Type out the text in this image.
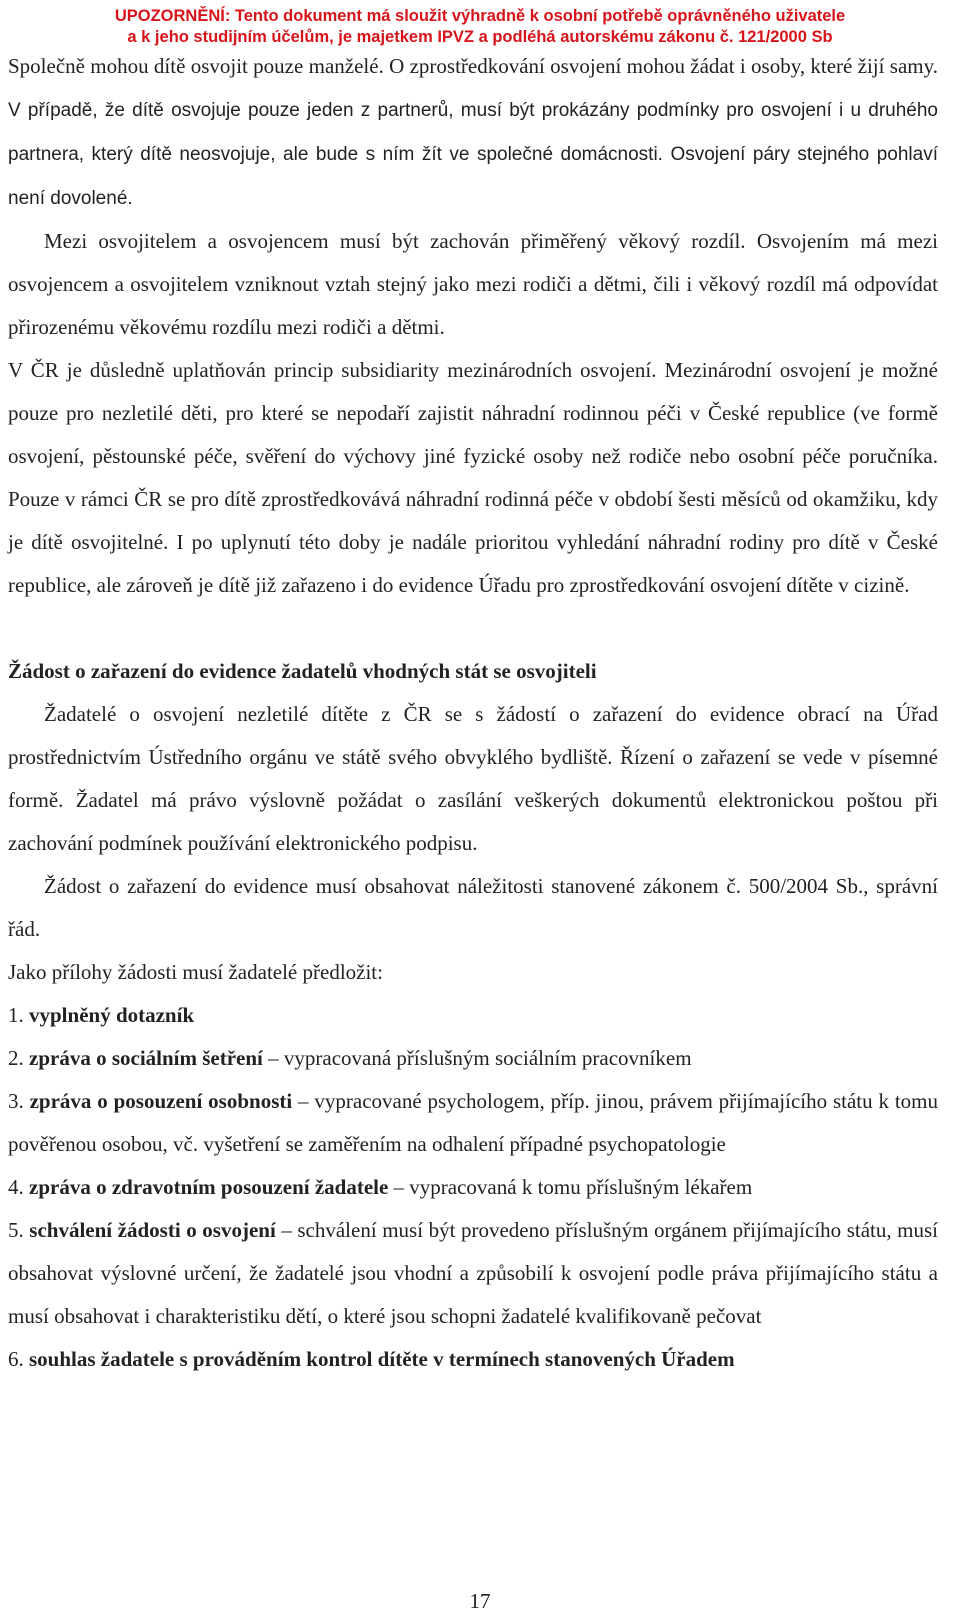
UPOZORNĚNÍ: Tento dokument má sloužit výhradně k osobní potřebě oprávněného uživatele
a k jeho studijním účelům, je majetkem IPVZ a podléhá autorskému zákonu č. 121/2000 Sb

Společně mohou dítě osvojit pouze manželé. O zprostředkování osvojení mohou žádat i osoby, které žijí samy. V případě, že dítě osvojuje pouze jeden z partnerů, musí být prokázány podmínky pro osvojení i u druhého partnera, který dítě neosvojuje, ale bude s ním žít ve společné domácnosti. Osvojení páry stejného pohlaví není dovolené.

Mezi osvojitelem a osvojencem musí být zachován přiměřený věkový rozdíl. Osvojením má mezi osvojencem a osvojitelem vzniknout vztah stejný jako mezi rodiči a dětmi, čili i věkový rozdíl má odpovídat přirozenému věkovému rozdílu mezi rodiči a dětmi.

V ČR je důsledně uplatňován princip subsidiarity mezinárodních osvojení. Mezinárodní osvojení je možné pouze pro nezletilé děti, pro které se nepodaří zajistit náhradní rodinnou péči v České republice (ve formě osvojení, pěstounské péče, svěření do výchovy jiné fyzické osoby než rodiče nebo osobní péče poručníka. Pouze v rámci ČR se pro dítě zprostředkovává náhradní rodinná péče v období šesti měsíců od okamžiku, kdy je dítě osvojitelné. I po uplynutí této doby je nadále prioritou vyhledání náhradní rodiny pro dítě v České republice, ale zároveň je dítě již zařazeno i do evidence Úřadu pro zprostředkování osvojení dítěte v cizině.

Žádost o zařazení do evidence žadatelů vhodných stát se osvojiteli

Žadatelé o osvojení nezletilé dítěte z ČR se s žádostí o zařazení do evidence obrací na Úřad prostřednictvím Ústředního orgánu ve státě svého obvyklého bydliště. Řízení o zařazení se vede v písemné formě. Žadatel má právo výslovně požádat o zasílání veškerých dokumentů elektronickou poštou při zachování podmínek používání elektronického podpisu.

Žádost o zařazení do evidence musí obsahovat náležitosti stanovené zákonem č. 500/2004 Sb., správní řád.

Jako přílohy žádosti musí žadatelé předložit:

1. vyplněný dotazník

2. zpráva o sociálním šetření – vypracovaná příslušným sociálním pracovníkem

3. zpráva o posouzení osobnosti – vypracované psychologem, příp. jinou, právem přijímajícího státu k tomu pověřenou osobou, vč. vyšetření se zaměřením na odhalení případné psychopatologie

4. zpráva o zdravotním posouzení žadatele – vypracovaná k tomu příslušným lékařem

5. schválení žádosti o osvojení – schválení musí být provedeno příslušným orgánem přijímajícího státu, musí obsahovat výslovné určení, že žadatelé jsou vhodní a způsobilí k osvojení podle práva přijímajícího státu a musí obsahovat i charakteristiku dětí, o které jsou schopni žadatelé kvalifikovaně pečovat

6. souhlas žadatele s prováděním kontrol dítěte v termínech stanovených Úřadem

17
